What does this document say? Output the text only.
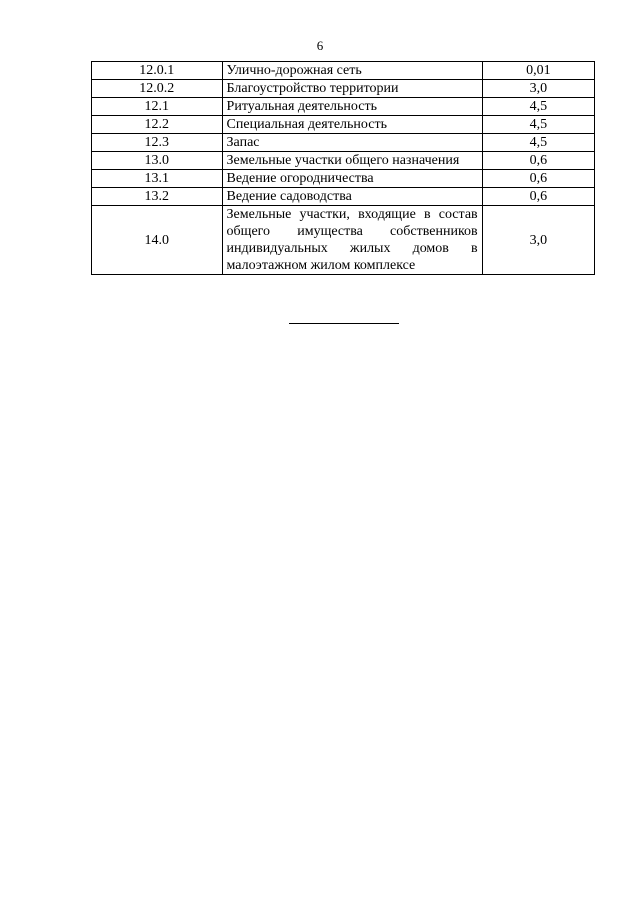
6
12.0.1	Улично-дорожная сеть	0,01
12.0.2	Благоустройство территории	3,0
12.1	Ритуальная деятельность	4,5
12.2	Специальная деятельность	4,5
12.3	Запас	4,5
13.0	Земельные участки общего назначения	0,6
13.1	Ведение огородничества	0,6
13.2	Ведение садоводства	0,6
14.0	Земельные участки, входящие в состав общего имущества собственников индивидуальных жилых домов в малоэтажном жилом комплексе	3,0
